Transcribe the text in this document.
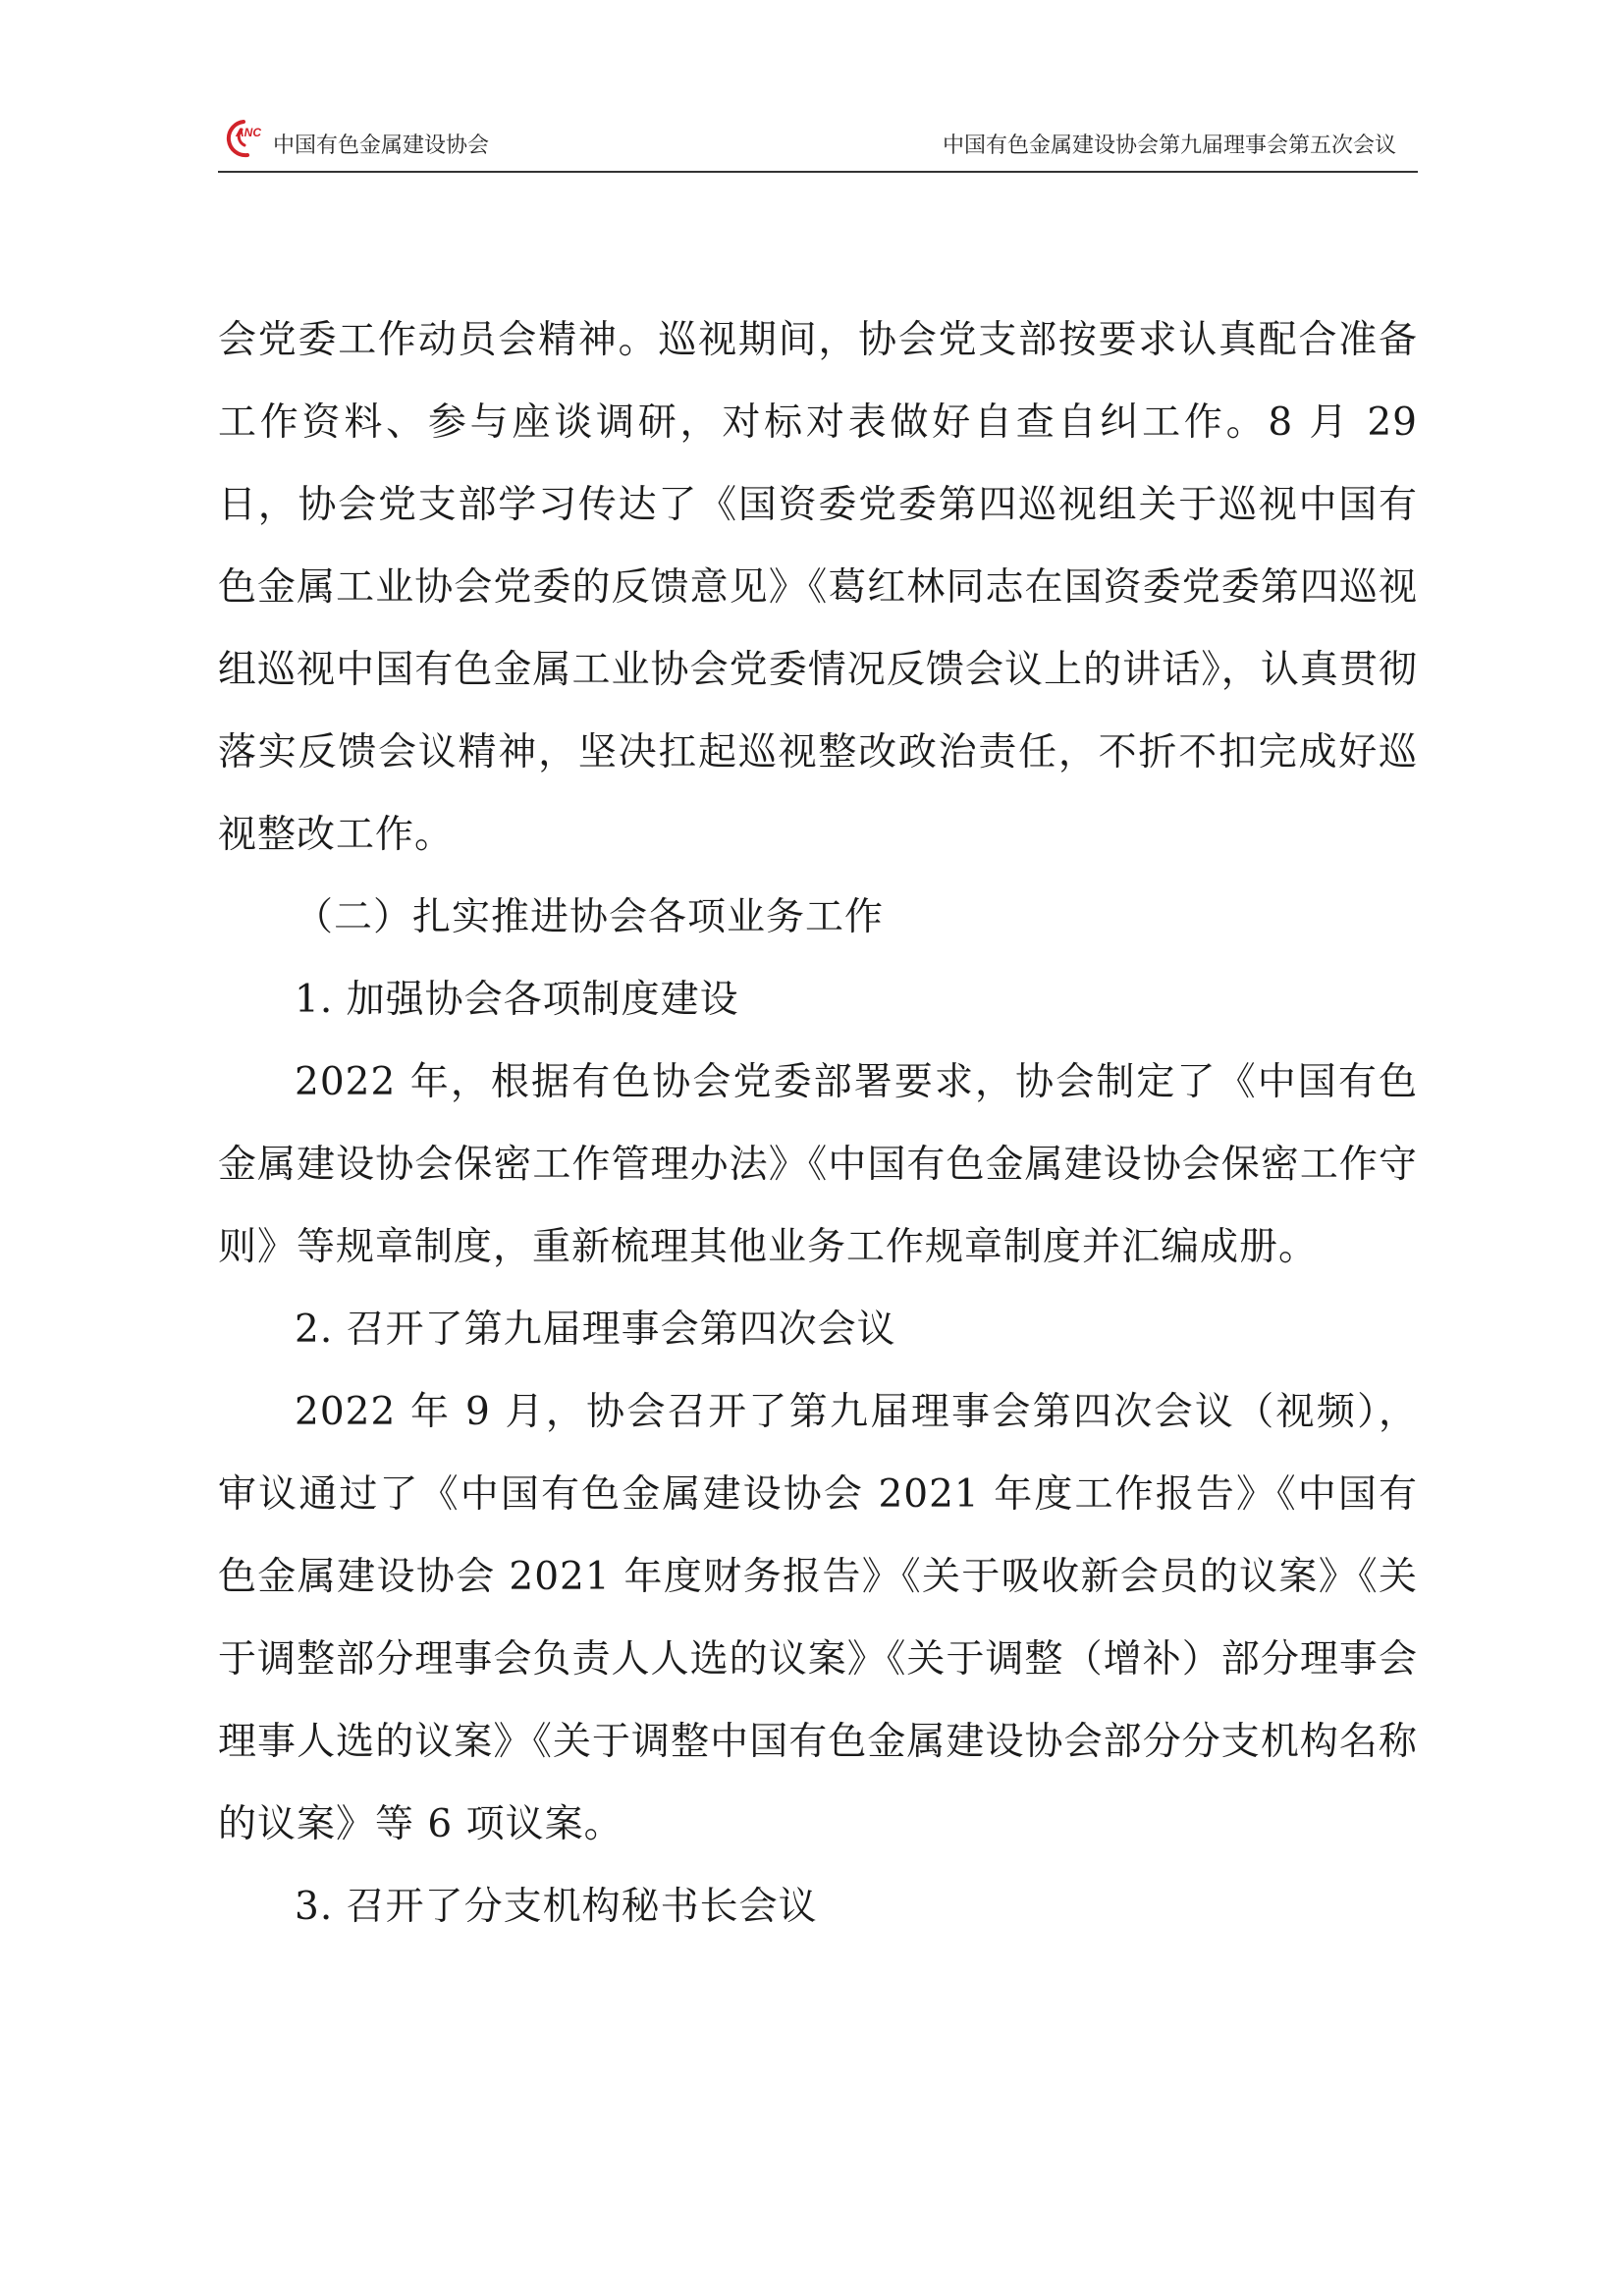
ANC
中国有色金属建设协会	中国有色金属建设协会第九届理事会第五次会议

会党委工作动员会精神。巡视期间，协会党支部按要求认真配合准备工作资料、参与座谈调研，对标对表做好自查自纠工作。8 月 29 日，协会党支部学习传达了《国资委党委第四巡视组关于巡视中国有色金属工业协会党委的反馈意见》《葛红林同志在国资委党委第四巡视组巡视中国有色金属工业协会党委情况反馈会议上的讲话》，认真贯彻落实反馈会议精神，坚决扛起巡视整改政治责任，不折不扣完成好巡视整改工作。

（二）扎实推进协会各项业务工作

1. 加强协会各项制度建设

2022 年，根据有色协会党委部署要求，协会制定了《中国有色金属建设协会保密工作管理办法》《中国有色金属建设协会保密工作守则》等规章制度，重新梳理其他业务工作规章制度并汇编成册。

2. 召开了第九届理事会第四次会议

2022 年 9 月，协会召开了第九届理事会第四次会议（视频），审议通过了《中国有色金属建设协会 2021 年度工作报告》《中国有色金属建设协会 2021 年度财务报告》《关于吸收新会员的议案》《关于调整部分理事会负责人人选的议案》《关于调整（增补）部分理事会理事人选的议案》《关于调整中国有色金属建设协会部分分支机构名称的议案》等 6 项议案。

3. 召开了分支机构秘书长会议
